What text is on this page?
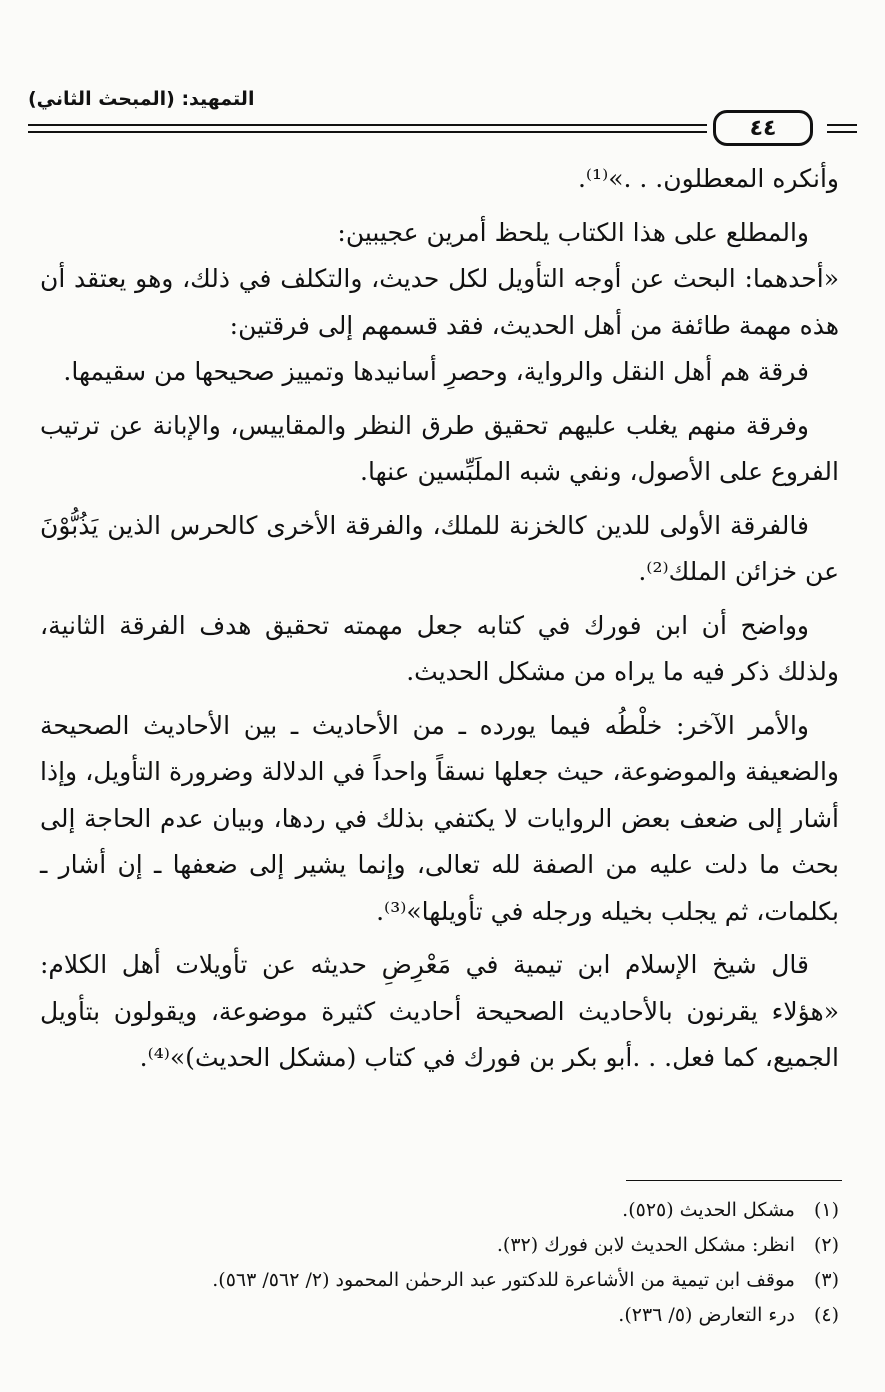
التمهيد: (المبحث الثاني)
٤٤

وأنكره المعطلون. . .»⁽¹⁾.

والمطلع على هذا الكتاب يلحظ أمرين عجيبين:

«أحدهما: البحث عن أوجه التأويل لكل حديث، والتكلف في ذلك، وهو يعتقد أن هذه مهمة طائفة من أهل الحديث، فقد قسمهم إلى فرقتين:

فرقة هم أهل النقل والرواية، وحصرِ أسانيدها وتمييز صحيحها من سقيمها.

وفرقة منهم يغلب عليهم تحقيق طرق النظر والمقاييس، والإبانة عن ترتيب الفروع على الأصول، ونفي شبه الملَبِّسين عنها.

فالفرقة الأولى للدين كالخزنة للملك، والفرقة الأخرى كالحرس الذين يَذُبُّوْنَ عن خزائن الملك⁽²⁾.

وواضح أن ابن فورك في كتابه جعل مهمته تحقيق هدف الفرقة الثانية، ولذلك ذكر فيه ما يراه من مشكل الحديث.

والأمر الآخر: خلْطُه فيما يورده ـ من الأحاديث ـ بين الأحاديث الصحيحة والضعيفة والموضوعة، حيث جعلها نسقاً واحداً في الدلالة وضرورة التأويل، وإذا أشار إلى ضعف بعض الروايات لا يكتفي بذلك في ردها، وبيان عدم الحاجة إلى بحث ما دلت عليه من الصفة لله تعالى، وإنما يشير إلى ضعفها ـ إن أشار ـ بكلمات، ثم يجلب بخيله ورجله في تأويلها»⁽³⁾.

قال شيخ الإسلام ابن تيمية في مَعْرِضِ حديثه عن تأويلات أهل الكلام: «هؤلاء يقرنون بالأحاديث الصحيحة أحاديث كثيرة موضوعة، ويقولون بتأويل الجميع، كما فعل. . .أبو بكر بن فورك في كتاب (مشكل الحديث)»⁽⁴⁾.

(١)مشكل الحديث (٥٢٥).
(٢)انظر: مشكل الحديث لابن فورك (٣٢).
(٣)موقف ابن تيمية من الأشاعرة للدكتور عبد الرحمٰن المحمود (٢/ ٥٦٢/ ٥٦٣).
(٤)درء التعارض (٥/ ٢٣٦).
